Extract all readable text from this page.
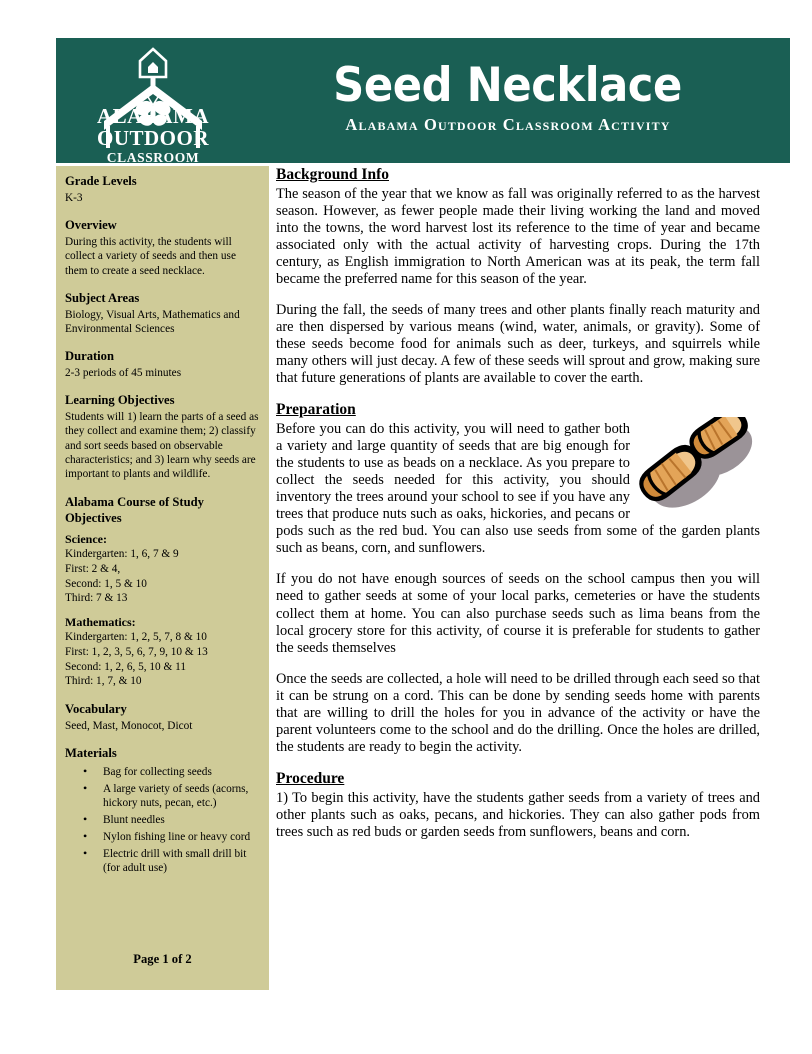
ALABAMA
OUTDOOR
CLASSROOM
Seed Necklace
Alabama Outdoor Classroom Activity
Grade Levels
K-3
Overview
During this activity, the students will collect a variety of seeds and then use them to create a seed necklace.
Subject Areas
Biology, Visual Arts, Mathematics and Environmental Sciences
Duration
2-3 periods of 45 minutes
Learning Objectives
Students will 1) learn the parts of a seed as they collect and examine them; 2) classify and sort seeds based on observable characteristics; and 3) learn why seeds are important to plants and wildlife.
Alabama Course of Study Objectives
Science:
Kindergarten: 1, 6, 7 & 9
First: 2 & 4,
Second: 1, 5 & 10
Third: 7 & 13
Mathematics:
Kindergarten: 1, 2, 5, 7, 8 & 10
First: 1, 2, 3, 5, 6, 7, 9, 10 & 13
Second: 1, 2, 6, 5, 10 & 11
Third: 1, 7, & 10
Vocabulary
Seed, Mast, Monocot, Dicot
Materials
• Bag for collecting seeds
• A large variety of seeds (acorns, hickory nuts, pecan, etc.)
• Blunt needles
• Nylon fishing line or heavy cord
• Electric drill with small drill bit (for adult use)
Page 1 of 2
Background Info

The season of the year that we know as fall was originally referred to as the harvest season. However, as fewer people made their living working the land and moved into the towns, the word harvest lost its reference to the time of year and became associated only with the actual activity of harvesting crops. During the 17th century, as English immigration to North American was at its peak, the term fall became the preferred name for this season of the year.

During the fall, the seeds of many trees and other plants finally reach maturity and are then dispersed by various means (wind, water, animals, or gravity). Some of these seeds become food for animals such as deer, turkeys, and squirrels while many others will just decay. A few of these seeds will sprout and grow, making sure that future generations of plants are available to cover the earth.

Preparation

Before you can do this activity, you will need to gather both a variety and large quantity of seeds that are big enough for the students to use as beads on a necklace. As you prepare to collect the seeds needed for this activity, you should inventory the trees around your school to see if you have any trees that produce nuts such as oaks, hickories, and pecans or pods such as the red bud. You can also use seeds from some of the garden plants such as beans, corn, and sunflowers.

If you do not have enough sources of seeds on the school campus then you will need to gather seeds at some of your local parks, cemeteries or have the students collect them at home. You can also purchase seeds such as lima beans from the local grocery store for this activity, of course it is preferable for students to gather the seeds themselves

Once the seeds are collected, a hole will need to be drilled through each seed so that it can be strung on a cord. This can be done by sending seeds home with parents that are willing to drill the holes for you in advance of the activity or have the parent volunteers come to the school and do the drilling. Once the holes are drilled, the students are ready to begin the activity.

Procedure

1) To begin this activity, have the students gather seeds from a variety of trees and other plants such as oaks, pecans, and hickories. They can also gather pods from trees such as red buds or garden seeds from sunflowers, beans and corn.
